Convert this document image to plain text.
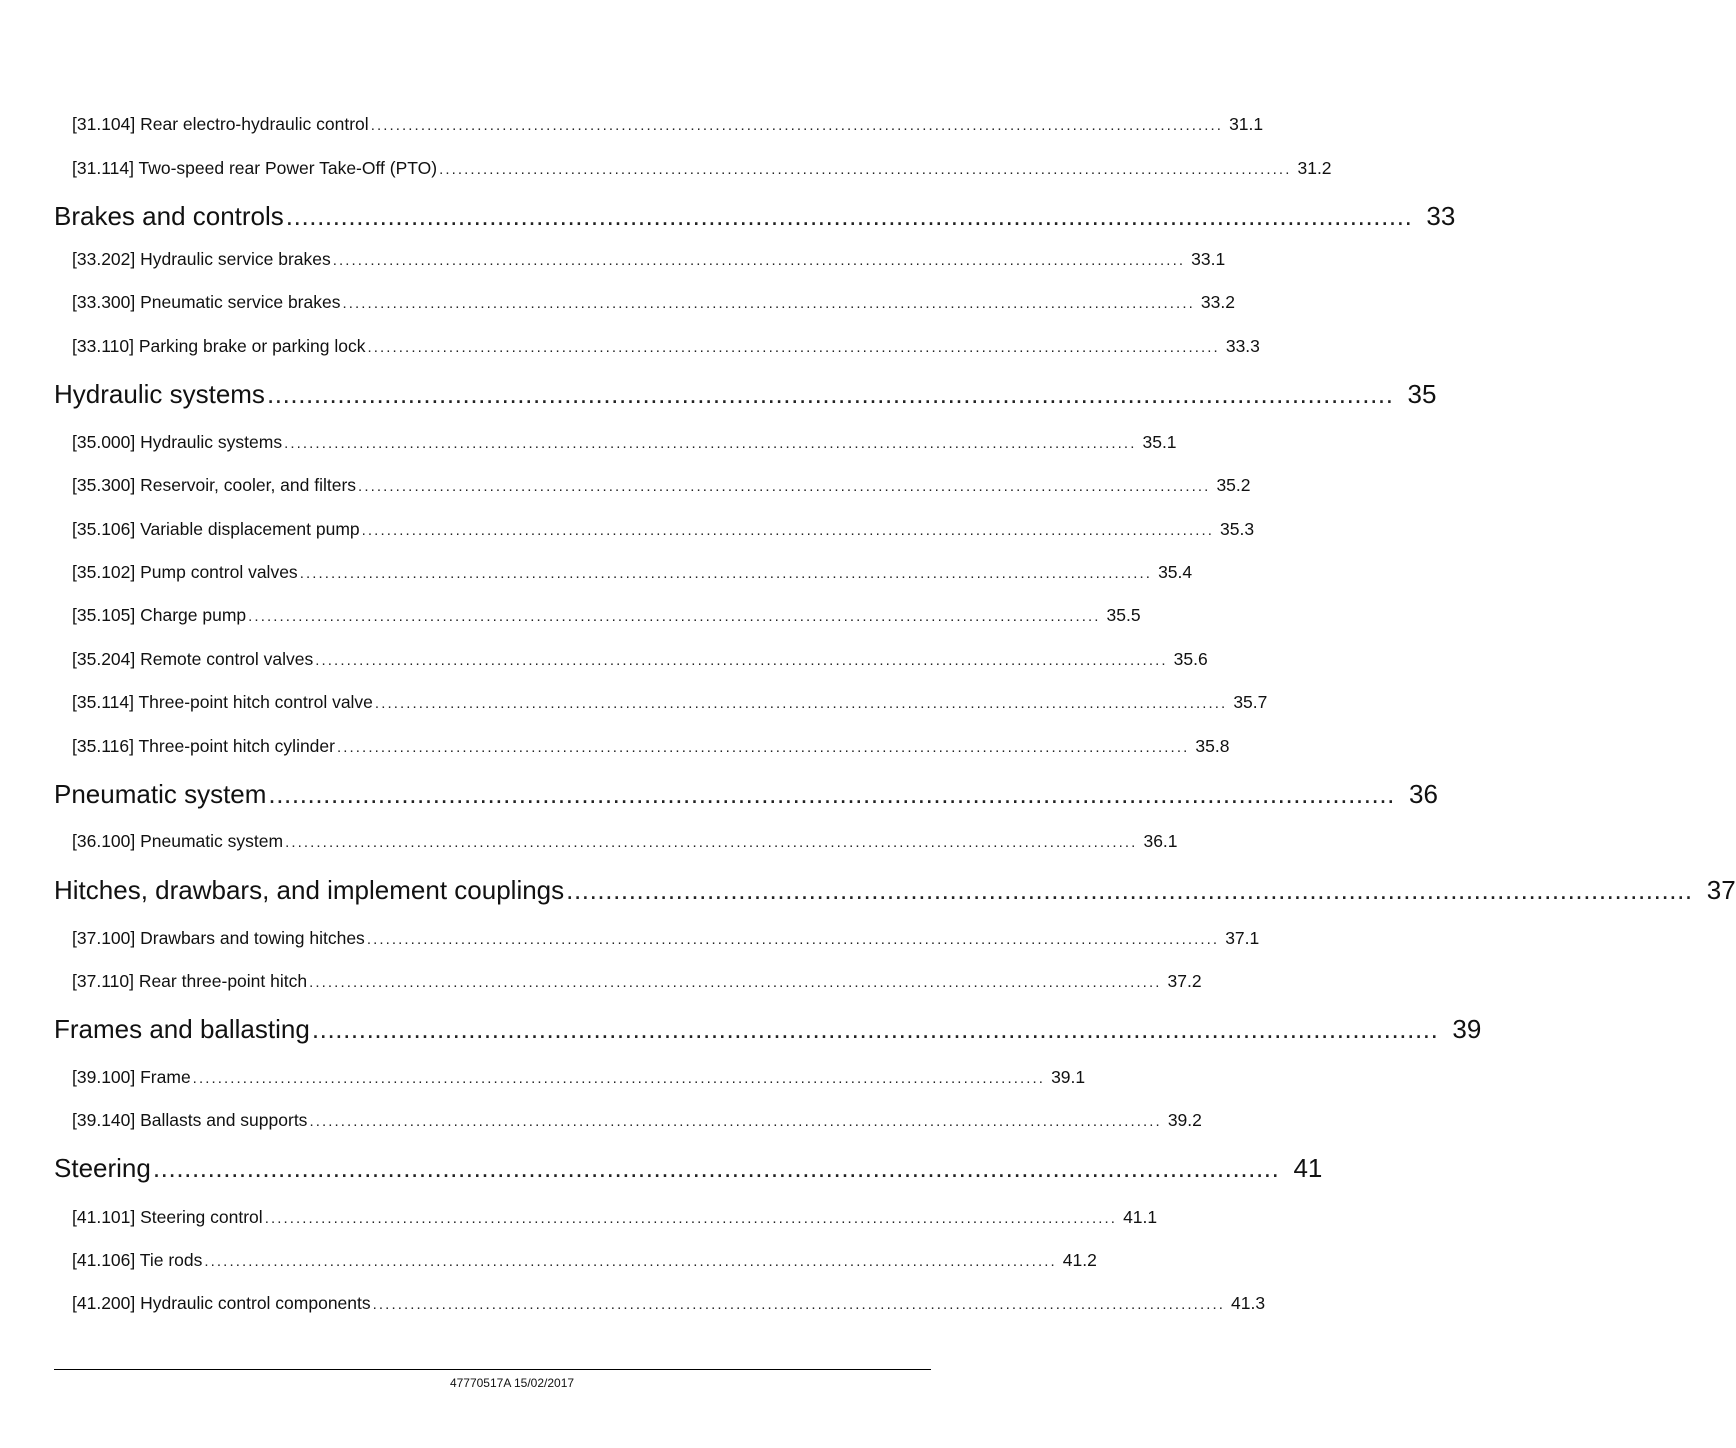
[31.104] Rear electro-hydraulic control ........................................................................................................................................ 31.1
[31.114] Two-speed rear Power Take-Off (PTO) ........................................................................................................................................ 31.2
Brakes and controls ................................................................................................................................................ 33
[33.202] Hydraulic service brakes ........................................................................................................................................ 33.1
[33.300] Pneumatic service brakes ........................................................................................................................................ 33.2
[33.110] Parking brake or parking lock ........................................................................................................................................ 33.3
Hydraulic systems ................................................................................................................................................ 35
[35.000] Hydraulic systems ........................................................................................................................................ 35.1
[35.300] Reservoir, cooler, and filters ........................................................................................................................................ 35.2
[35.106] Variable displacement pump ........................................................................................................................................ 35.3
[35.102] Pump control valves ........................................................................................................................................ 35.4
[35.105] Charge pump ........................................................................................................................................ 35.5
[35.204] Remote control valves ........................................................................................................................................ 35.6
[35.114] Three-point hitch control valve ........................................................................................................................................ 35.7
[35.116] Three-point hitch cylinder ........................................................................................................................................ 35.8
Pneumatic system ................................................................................................................................................ 36
[36.100] Pneumatic system ........................................................................................................................................ 36.1
Hitches, drawbars, and implement couplings ................................................................................................................................................ 37
[37.100] Drawbars and towing hitches ........................................................................................................................................ 37.1
[37.110] Rear three-point hitch ........................................................................................................................................ 37.2
Frames and ballasting ................................................................................................................................................ 39
[39.100] Frame ........................................................................................................................................ 39.1
[39.140] Ballasts and supports ........................................................................................................................................ 39.2
Steering ................................................................................................................................................ 41
[41.101] Steering control ........................................................................................................................................ 41.1
[41.106] Tie rods ........................................................................................................................................ 41.2
[41.200] Hydraulic control components ........................................................................................................................................ 41.3
47770517A 15/02/2017
